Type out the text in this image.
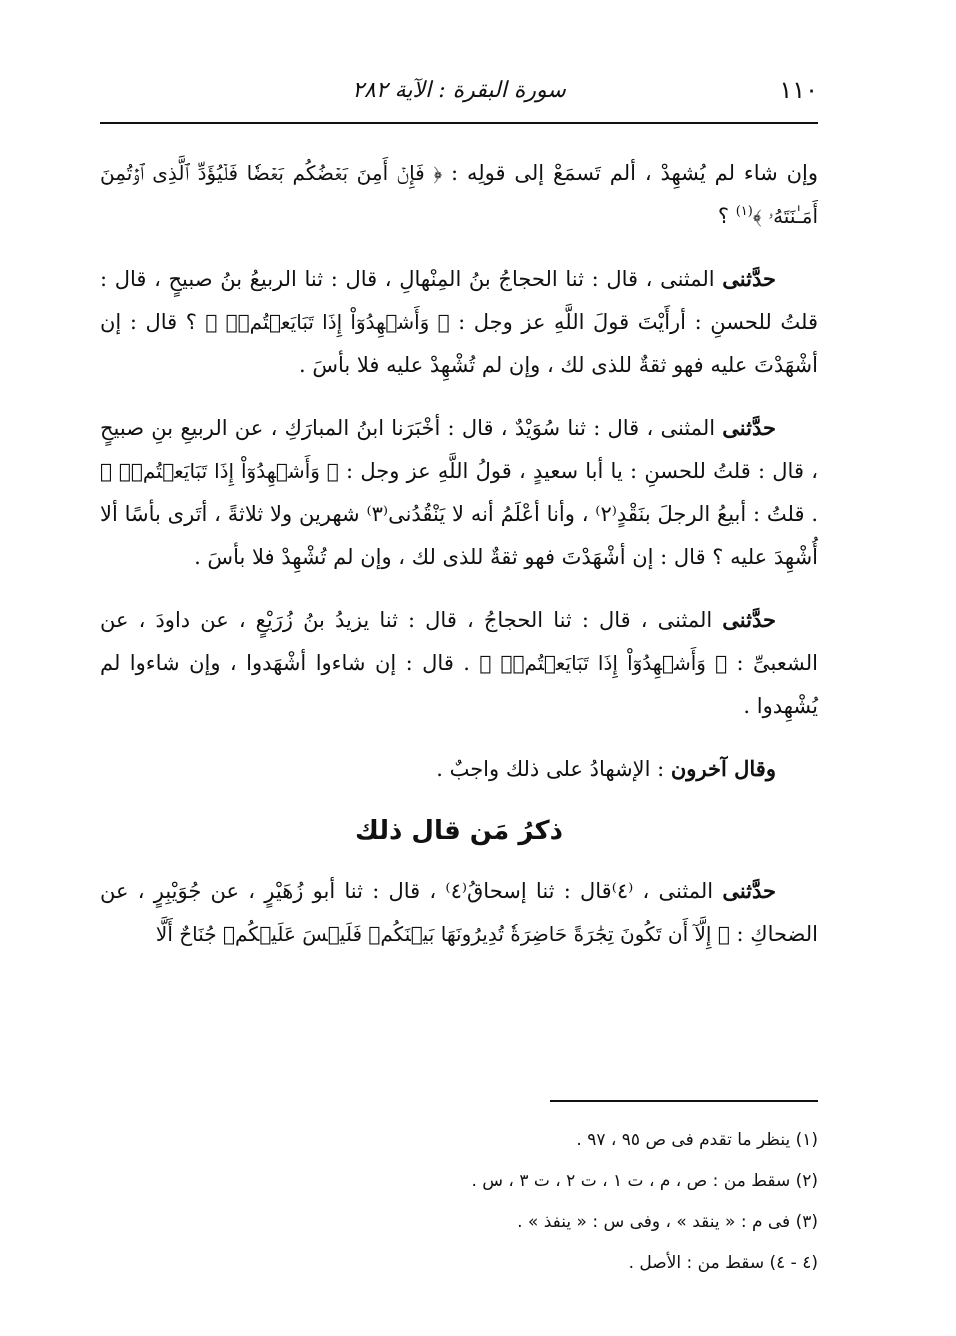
١١٠
سورة البقرة : الآية ٢٨٢

وإن شاء لم يُشهِدْ ، ألم تَسمَعْ إلى قولِه : ﴿ فَإِنۡ أَمِنَ بَعۡضُكُم بَعۡضٗا فَلۡيُؤَدِّ ٱلَّذِى ٱؤۡتُمِنَ أَمَـٰنَتَهُۥ ﴾$^{(١)}$ ؟

حدَّثنى المثنى ، قال : ثنا الحجاجُ بنُ المِنْهالِ ، قال : ثنا الربيعُ بنُ صبيحٍ ، قال : قلتُ للحسنِ : أرأَيْتَ قولَ اللَّهِ عز وجل : ﴿ وَأَشۡهِدُوٓاْ إِذَا تَبَايَعۡتُمۡۚ ﴾ ؟ قال : إن أشْهَدْتَ عليه فهو ثقةٌ للذى لك ، وإن لم تُشْهِدْ عليه فلا بأسَ .

حدَّثنى المثنى ، قال : ثنا سُوَيْدٌ ، قال : أخْبَرَنا ابنُ المبارَكِ ، عن الربيعِ بنِ صبيحٍ ، قال : قلتُ للحسنِ : يا أبا سعيدٍ ، قولُ اللَّهِ عز وجل : ﴿ وَأَشۡهِدُوٓاْ إِذَا تَبَايَعۡتُمۡۚ ﴾ . قلتُ : أبيعُ الرجلَ بنَقْدٍ⁽٢⁾ ، وأنا أعْلَمُ أنه لا يَنْقُدُنى⁽٣⁾ شهرين ولا ثلاثةً ، أتَرى بأسًا ألا أُشْهِدَ عليه ؟ قال : إن أشْهَدْتَ فهو ثقةٌ للذى لك ، وإن لم تُشْهِدْ فلا بأسَ .

حدَّثنى المثنى ، قال : ثنا الحجاجُ ، قال : ثنا يزيدُ بنُ زُرَيْعٍ ، عن داودَ ، عن الشعبىِّ : ﴿ وَأَشۡهِدُوٓاْ إِذَا تَبَايَعۡتُمۡۚ ﴾ . قال : إن شاءوا أشْهَدوا ، وإن شاءوا لم يُشْهِدوا .

وقال آخرون : الإشهادُ على ذلك واجبٌ .

ذكرُ مَن قال ذلك

حدَّثنى المثنى ، ⁽٤⁾قال : ثنا إسحاقُ⁽٤⁾ ، قال : ثنا أبو زُهَيْرٍ ، عن جُوَيْبِرٍ ، عن الضحاكِ : ﴿ إِلَّآ أَن تَكُونَ تِجَٰرَةً حَاضِرَةٗ تُدِيرُونَهَا بَيۡنَكُمۡ فَلَيۡسَ عَلَيۡكُمۡ جُنَاحٌ أَلَّا

(١) ينظر ما تقدم فى ص ٩٥ ، ٩٧ .

(٢) سقط من : ص ، م ، ت ١ ، ت ٢ ، ت ٣ ، س .

(٣) فى م : « ينقد » ، وفى س : « ينفذ » .

(٤ - ٤) سقط من : الأصل .
